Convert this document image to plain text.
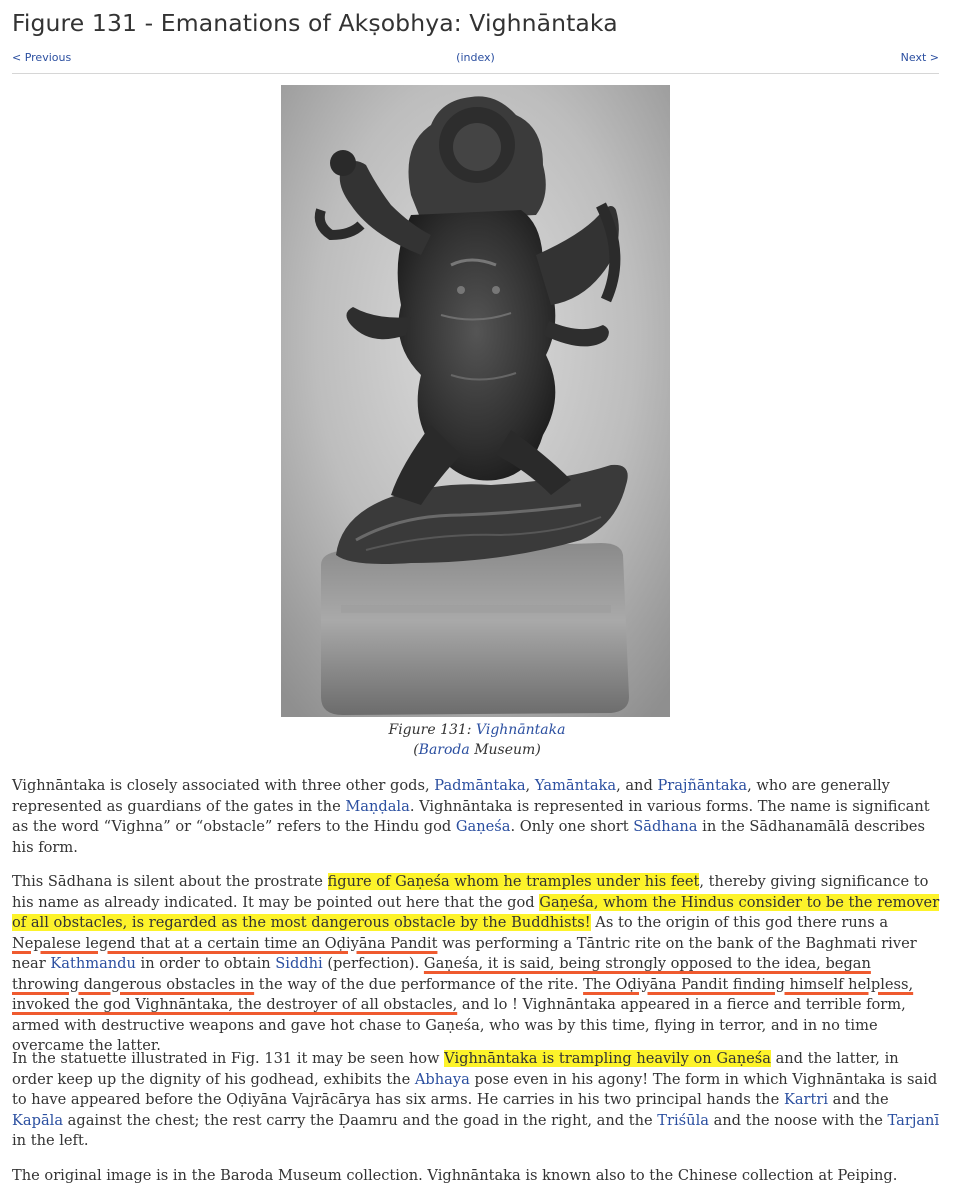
Figure 131 - Emanations of Akṣobhya: Vighnāntaka
< Previous	(index)	Next >
Figure 131: Vighnāntaka
(Baroda Museum)

Vighnāntaka is closely associated with three other gods, Padmāntaka, Yamāntaka, and Prajñāntaka, who are generally represented as guardians of the gates in the Maṇḍala. Vighnāntaka is represented in various forms. The name is significant as the word “Vighna” or “obstacle” refers to the Hindu god Gaṇeśa. Only one short Sādhana in the Sādhanamālā describes his form.

This Sādhana is silent about the prostrate figure of Gaṇeśa whom he tramples under his feet, thereby giving significance to his name as already indicated. It may be pointed out here that the god Gaṇeśa, whom the Hindus consider to be the remover of all obstacles, is regarded as the most dangerous obstacle by the Buddhists! As to the origin of this god there runs a Nepalese legend that at a certain time an Oḍiyāna Pandit was performing a Tāntric rite on the bank of the Baghmati river near Kathmandu in order to obtain Siddhi (perfection). Gaṇeśa, it is said, being strongly opposed to the idea, began throwing dangerous obstacles in the way of the due performance of the rite. The Oḍiyāna Pandit finding himself helpless, invoked the god Vighnāntaka, the destroyer of all obstacles, and lo ! Vighnāntaka appeared in a fierce and terrible form, armed with destructive weapons and gave hot chase to Gaṇeśa, who was by this time, flying in terror, and in no time overcame the latter.

In the statuette illustrated in Fig. 131 it may be seen how Vighnāntaka is trampling heavily on Gaṇeśa and the latter, in order keep up the dignity of his godhead, exhibits the Abhaya pose even in his agony! The form in which Vighnāntaka is said to have appeared before the Oḍiyāna Vajrācārya has six arms. He carries in his two principal hands the Kartri and the Kapāla against the chest; the rest carry the Ḍaamru and the goad in the right, and the Triśūla and the noose with the Tarjanī in the left.

The original image is in the Baroda Museum collection. Vighnāntaka is known also to the Chinese collection at Peiping.
